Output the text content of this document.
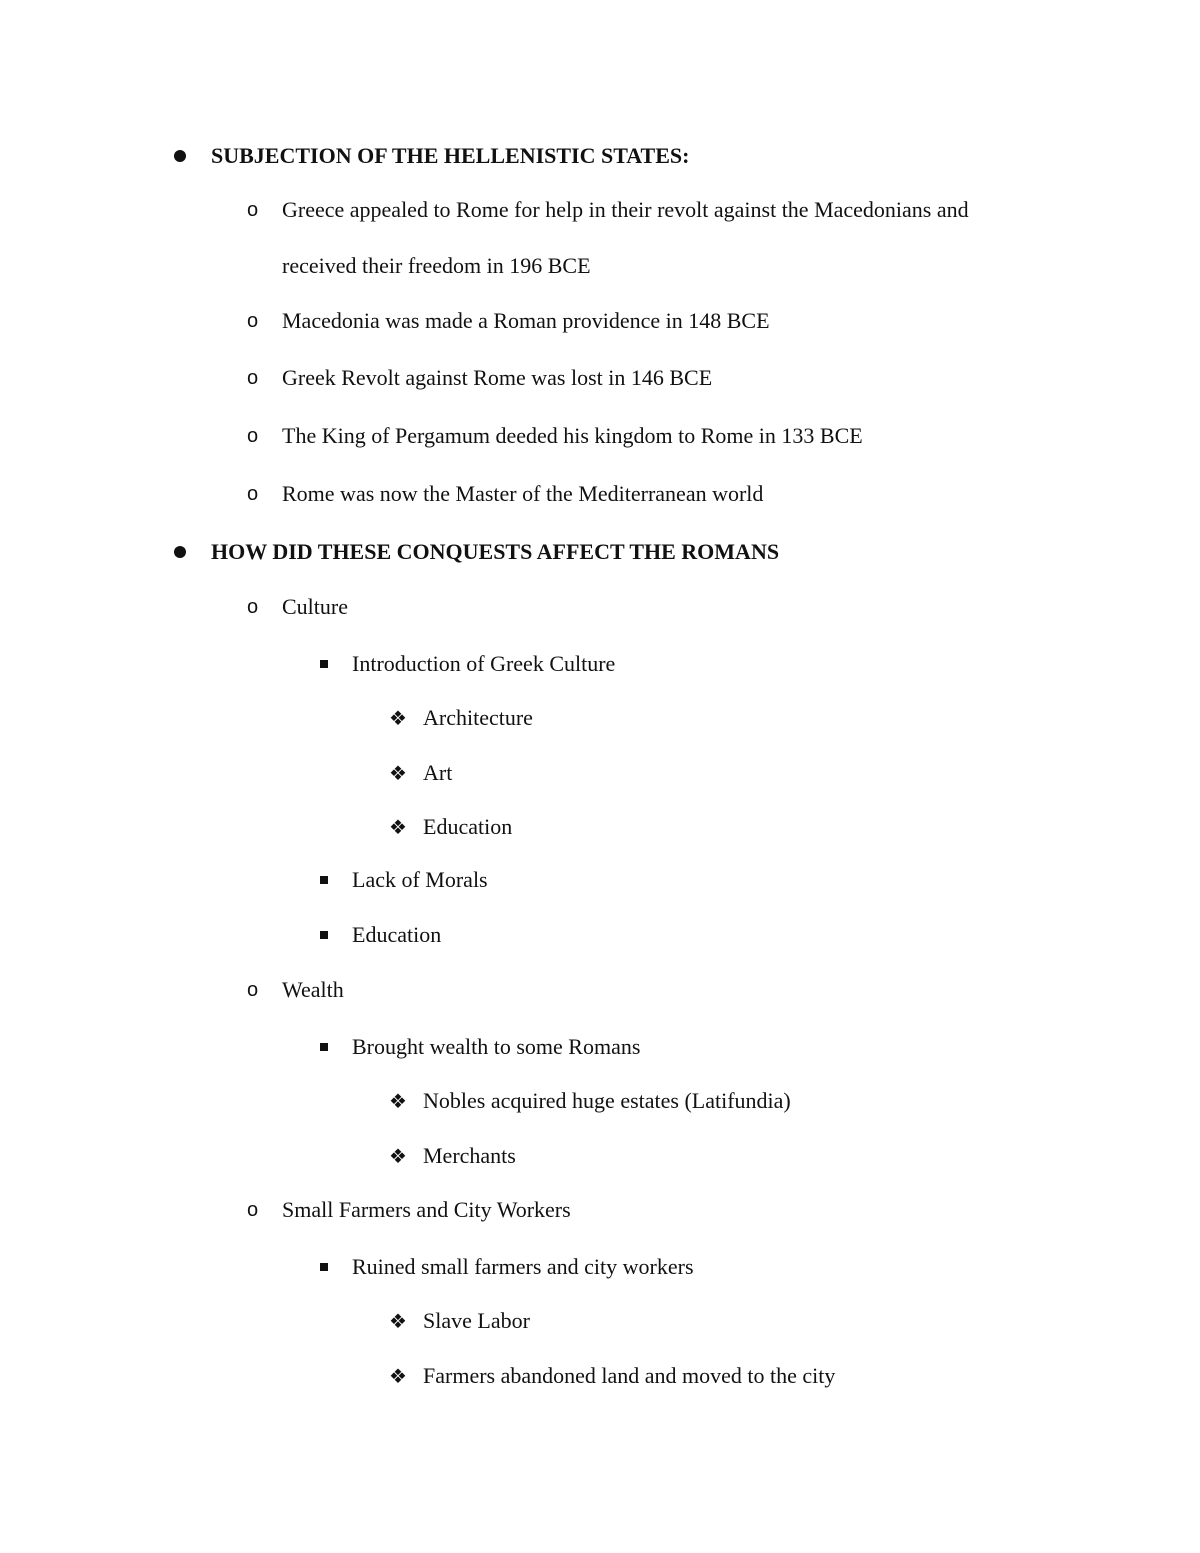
SUBJECTION OF THE HELLENISTIC STATES:
o Greece appealed to Rome for help in their revolt against the Macedonians and
received their freedom in 196 BCE
o Macedonia was made a Roman providence in 148 BCE
o Greek Revolt against Rome was lost in 146 BCE
o The King of Pergamum deeded his kingdom to Rome in 133 BCE
o Rome was now the Master of the Mediterranean world
HOW DID THESE CONQUESTS AFFECT THE ROMANS
o Culture
Introduction of Greek Culture
❖ Architecture
❖ Art
❖ Education
Lack of Morals
Education
o Wealth
Brought wealth to some Romans
❖ Nobles acquired huge estates (Latifundia)
❖ Merchants
o Small Farmers and City Workers
Ruined small farmers and city workers
❖ Slave Labor
❖ Farmers abandoned land and moved to the city
